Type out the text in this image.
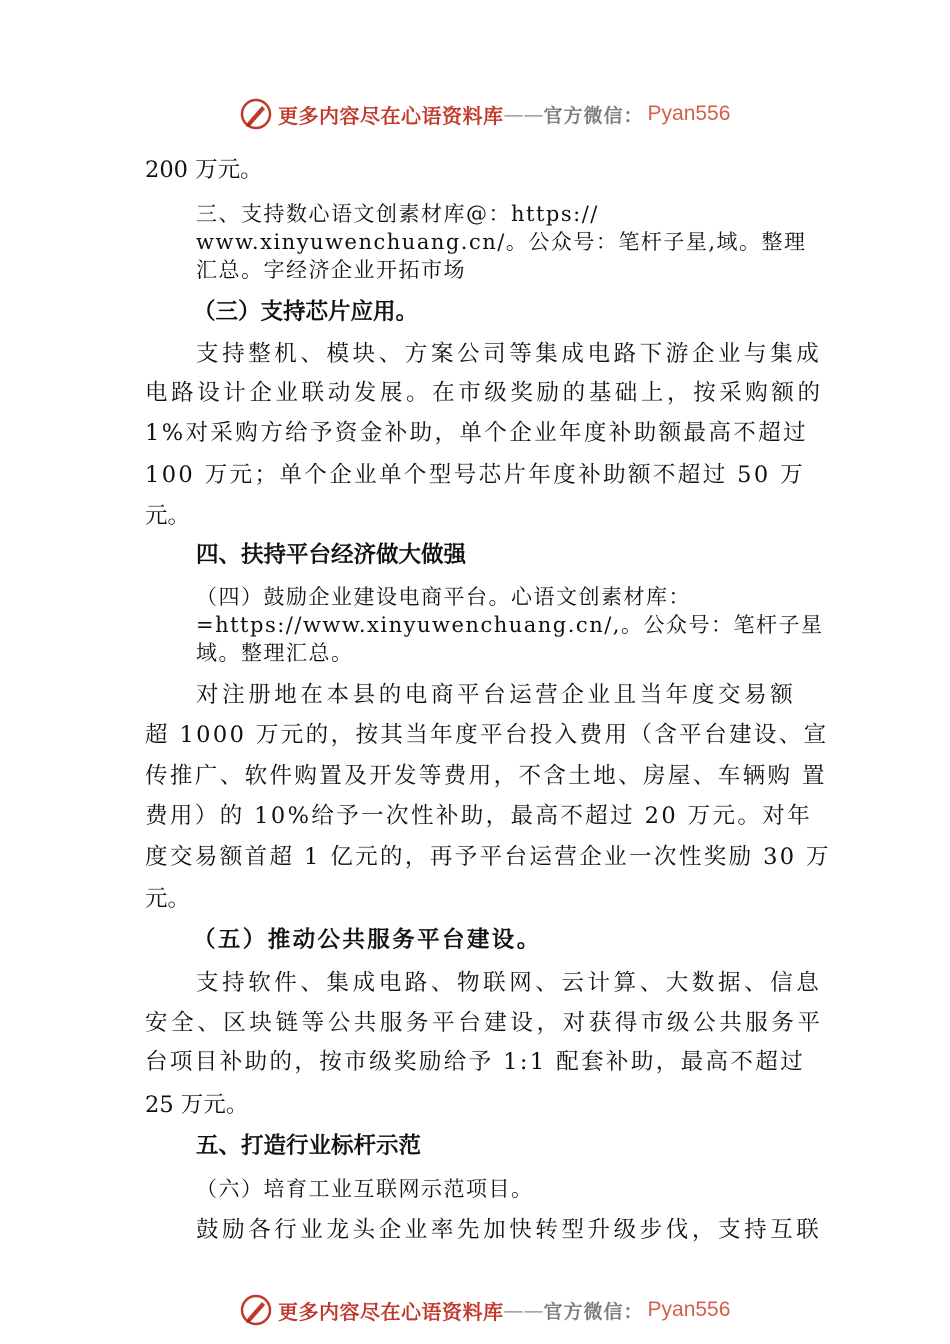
更多内容尽在心语资料库 —— 官方微信： Pyan556
200 万元。
三、支持数心语文创素材库@：https://
www.xinyuwenchuang.cn/。公众号：笔杆子星,域。整理
汇总。字经济企业开拓市场
（三）支持芯片应用。
支持整机、模块、方案公司等集成电路下游企业与集成
电路设计企业联动发展。在市级奖励的基础上，按采购额的
1%对采购方给予资金补助，单个企业年度补助额最高不超过
100 万元；单个企业单个型号芯片年度补助额不超过 50 万
元。
四、扶持平台经济做大做强
（四）鼓励企业建设电商平台。心语文创素材库：
=https://www.xinyuwenchuang.cn/,。公众号：笔杆子星
域。整理汇总。
对注册地在本县的电商平台运营企业且当年度交易额
超 1000 万元的，按其当年度平台投入费用（含平台建设、宣
传推广、软件购置及开发等费用，不含土地、房屋、车辆购 置
费用）的 10%给予一次性补助，最高不超过 20 万元。对年
度交易额首超 1 亿元的，再予平台运营企业一次性奖励 30 万
元。
（五）推动公共服务平台建设。
支持软件、集成电路、物联网、云计算、大数据、信息
安全、区块链等公共服务平台建设，对获得市级公共服务平
台项目补助的，按市级奖励给予 1:1 配套补助，最高不超过
25 万元。
五、打造行业标杆示范
（六）培育工业互联网示范项目。
鼓励各行业龙头企业率先加快转型升级步伐，支持互联
更多内容尽在心语资料库 —— 官方微信： Pyan556
